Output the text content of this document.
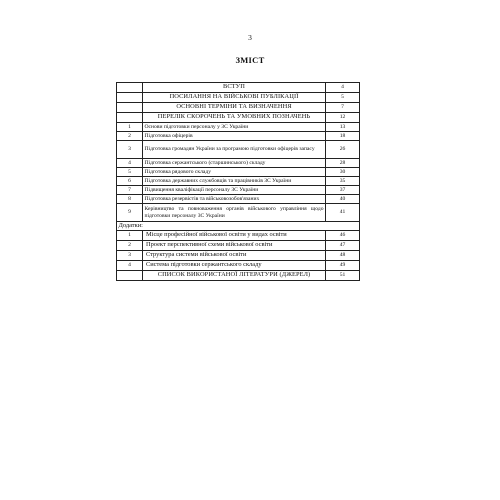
3
ЗМІСТ
	ВСТУП	4
	ПОСИЛАННЯ НА ВІЙСЬКОВІ ПУБЛІКАЦІЇ	5
	ОСНОВНІ ТЕРМІНИ ТА ВИЗНАЧЕННЯ	7
	ПЕРЕЛІК СКОРОЧЕНЬ ТА УМОВНИХ ПОЗНАЧЕНЬ	12
1	Основи підготовки персоналу у ЗС України	13
2	Підготовка офіцерів	18
3	Підготовка громадян України за програмою підготовки офіцерів запасу	26
4	Підготовка сержантського (старшинського) складу	28
5	Підготовка рядового складу	30
6	Підготовка державних службовців та працівників ЗС України	35
7	Підвищення кваліфікації персоналу ЗС України	37
8	Підготовка резервістів та військовозобов'язаних	40
9	Керівництво та повноваження органів військового управління щодо підготовки персоналу ЗС України	41
Додатки:		
1	Місце професійної військової освіти у видах освіти	46
2	Проект перспективної схеми військової освіти	47
3	Структура системи військової освіти	48
4	Система підготовки сержантського складу	49
	СПИСОК ВИКОРИСТАНОЇ ЛІТЕРАТУРИ (ДЖЕРЕЛ)	51
